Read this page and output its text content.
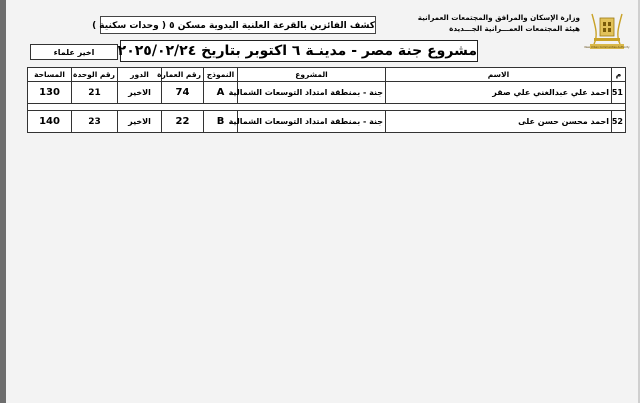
وزارة الإسكان والمرافق والمجتمعات العمرانية
هيئة المجتمعات العمـــرانية الجـــديدة
New Urban Communities Authority
كشف الفائزين بالقرعة العلنية اليدوية مسكن ٥ ( وحدات سكنية )
اخير علماء	مشروع جنة مصر - مدينـة ٦ اكتوبر بتاريخ ٢٠٢٥/٠٢/٢٤
م	الاسم	المشروع	النموذج	رقم العمارة	الدور	رقم الوحدة	المساحة
51	احمد علي عبدالغني علي صقر	جنة - بمنطقة امتداد التوسعات الشمالية	A	74	الاخير	21	130

52	احمد محسن حسن على	جنة - بمنطقة امتداد التوسعات الشمالية	B	22	الاخير	23	140
